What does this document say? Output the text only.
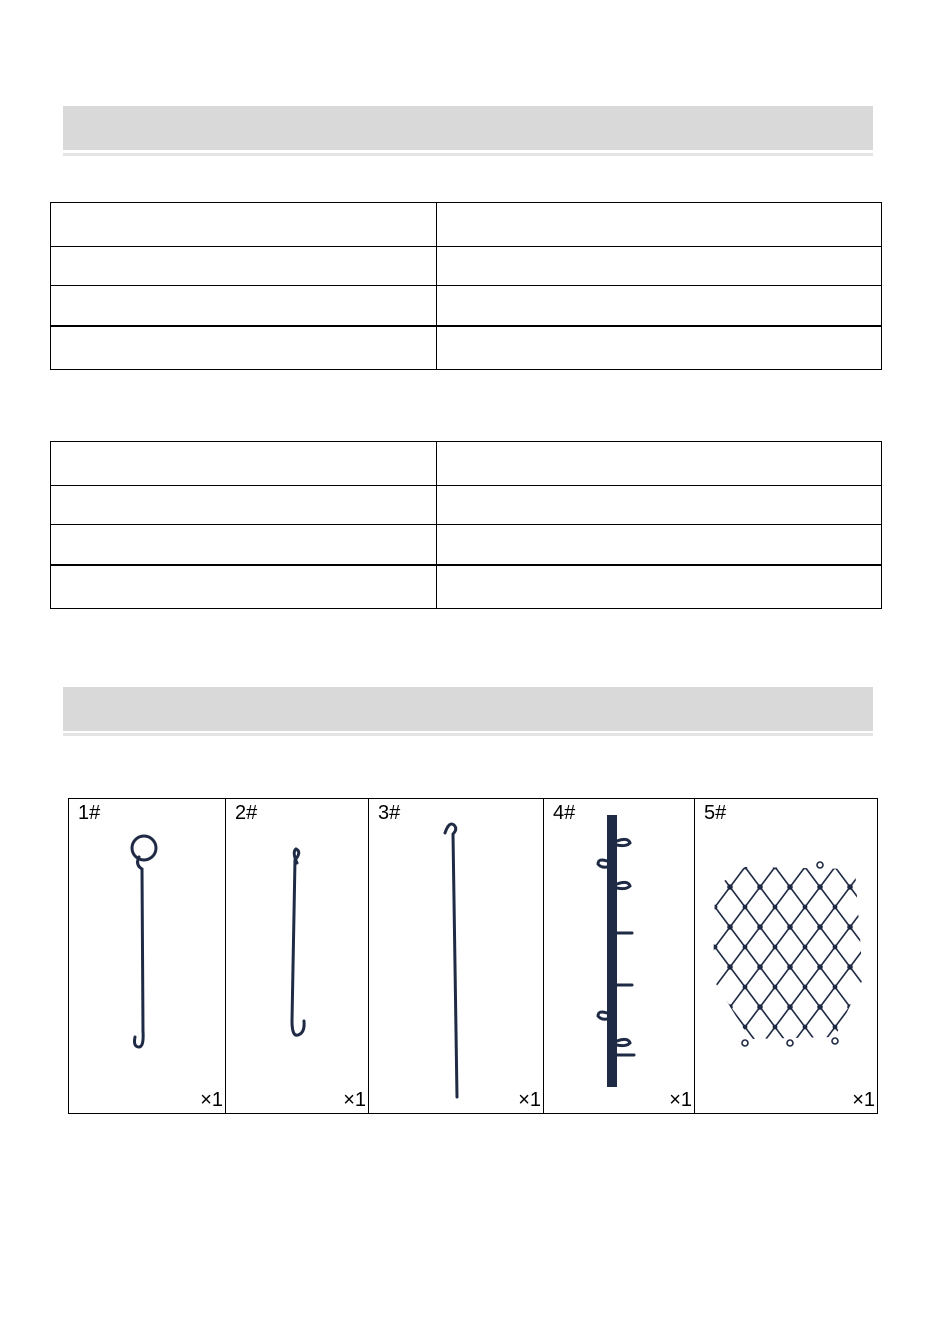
1#
×1
2#
×1
3#
×1
4#
×1
5#
×1
